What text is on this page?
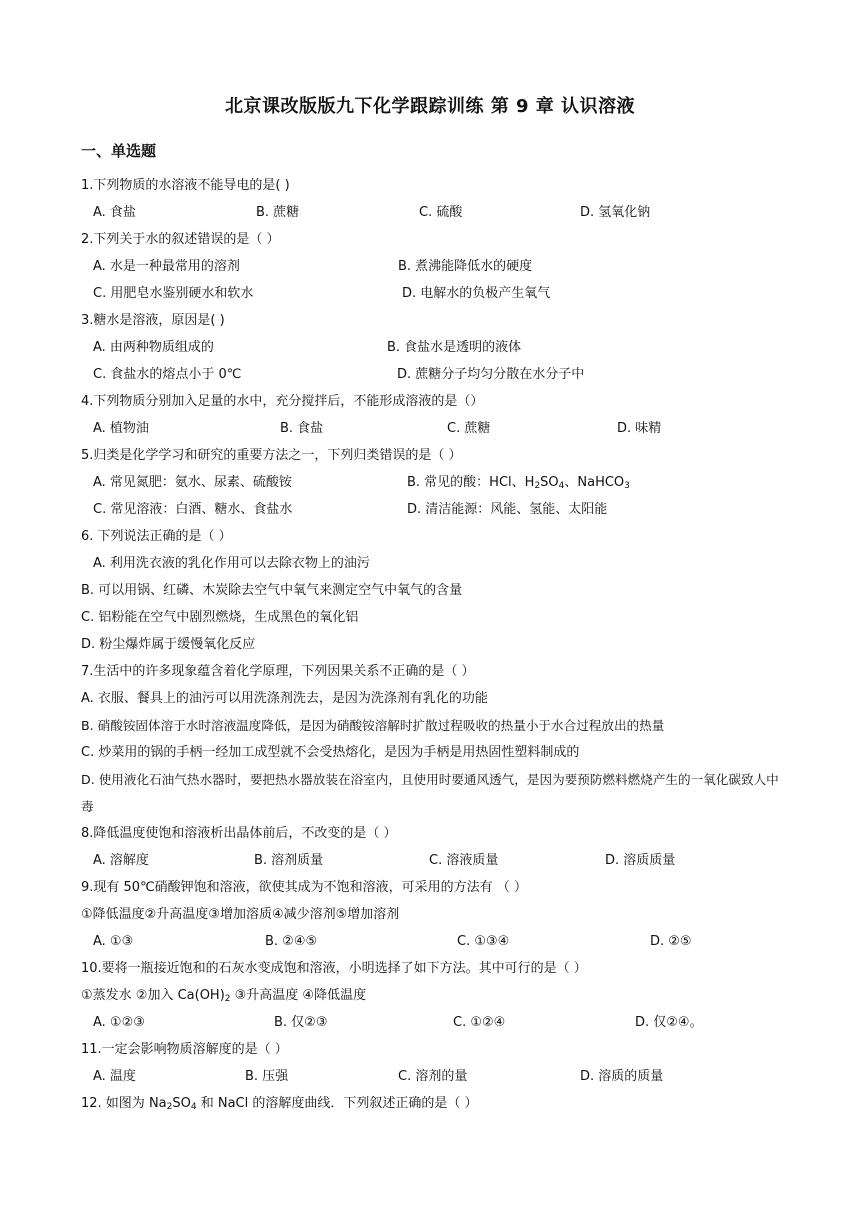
北京课改版版九下化学跟踪训练 第 9 章 认识溶液
一、单选题
1.下列物质的水溶液不能导电的是( )
A. 食盐	B. 蔗糖	C. 硫酸	D. 氢氧化钠
2.下列关于水的叙述错误的是（ ）
A. 水是一种最常用的溶剂	B. 煮沸能降低水的硬度
C. 用肥皂水鉴别硬水和软水	D. 电解水的负极产生氧气
3.糖水是溶液，原因是( )
A. 由两种物质组成的	B. 食盐水是透明的液体
C. 食盐水的熔点小于 0℃	D. 蔗糖分子均匀分散在水分子中
4.下列物质分别加入足量的水中，充分搅拌后，不能形成溶液的是（）
A. 植物油	B. 食盐	C. 蔗糖	D. 味精
5.归类是化学学习和研究的重要方法之一，下列归类错误的是（ ）
A. 常见氮肥：氨水、尿素、硫酸铵	B. 常见的酸：HCl、$H_2SO_4$、NaHCO$_3$
C. 常见溶液：白酒、糖水、食盐水	D. 清洁能源：风能、氢能、太阳能
6. 下列说法正确的是（ ）
A. 利用洗衣液的乳化作用可以去除衣物上的油污
B. 可以用锅、红磷、木炭除去空气中氧气来测定空气中氧气的含量
C. 铝粉能在空气中剧烈燃烧，生成黑色的氧化铝
D. 粉尘爆炸属于缓慢氧化反应
7.生活中的许多现象蕴含着化学原理，下列因果关系不正确的是（ ）
A. 衣服、餐具上的油污可以用洗涤剂洗去，是因为洗涤剂有乳化的功能
B. 硝酸铵固体溶于水时溶液温度降低，是因为硝酸铵溶解时扩散过程吸收的热量小于水合过程放出的热量
C. 炒菜用的锅的手柄一经加工成型就不会受热熔化，是因为手柄是用热固性塑料制成的
D. 使用液化石油气热水器时，要把热水器放装在浴室内，且使用时要通风透气，是因为要预防燃料燃烧产生的一氧化碳致人中毒
8.降低温度使饱和溶液析出晶体前后，不改变的是（ ）
A. 溶解度	B. 溶剂质量	C. 溶液质量	D. 溶质质量
9.现有 50℃硝酸钾饱和溶液，欲使其成为不饱和溶液，可采用的方法有 （ ）
①降低温度②升高温度③增加溶质④减少溶剂⑤增加溶剂
A. ①③	B. ②④⑤	C. ①③④	D. ②⑤
10.要将一瓶接近饱和的石灰水变成饱和溶液，小明选择了如下方法。其中可行的是（ ）
①蒸发水 ②加入 $Ca(OH)_2$ ③升高温度 ④降低温度
A. ①②③	B. 仅②③	C. ①②④	D. 仅②④。
11.一定会影响物质溶解度的是（ ）
A. 温度	B. 压强	C. 溶剂的量	D. 溶质的质量
12. 如图为 $Na_2SO_4$ 和 NaCl 的溶解度曲线．下列叙述正确的是（ ）
